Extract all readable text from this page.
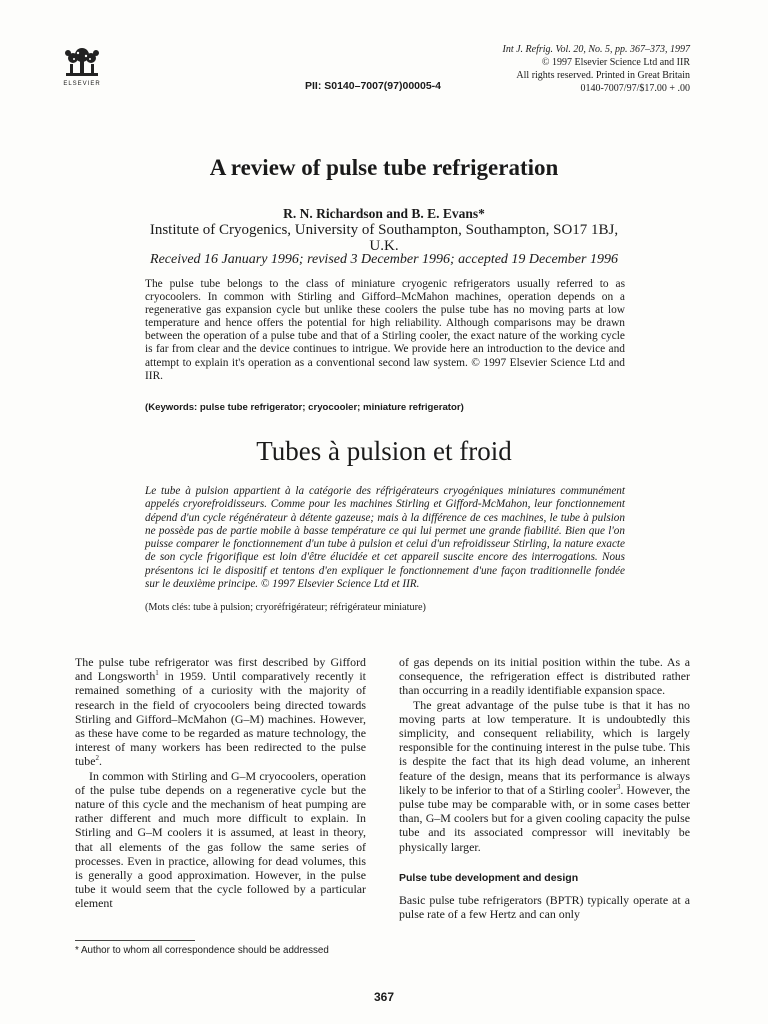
ELSEVIER
Int J. Refrig. Vol. 20, No. 5, pp. 367–373, 1997
© 1997 Elsevier Science Ltd and IIR
All rights reserved. Printed in Great Britain
0140-7007/97/$17.00 + .00
PII: S0140–7007(97)00005-4
A review of pulse tube refrigeration
R. N. Richardson and B. E. Evans*
Institute of Cryogenics, University of Southampton, Southampton, SO17 1BJ, U.K.
Received 16 January 1996; revised 3 December 1996; accepted 19 December 1996
The pulse tube belongs to the class of miniature cryogenic refrigerators usually referred to as cryocoolers. In common with Stirling and Gifford–McMahon machines, operation depends on a regenerative gas expansion cycle but unlike these coolers the pulse tube has no moving parts at low temperature and hence offers the potential for high reliability. Although comparisons may be drawn between the operation of a pulse tube and that of a Stirling cooler, the exact nature of the working cycle is far from clear and the device continues to intrigue. We provide here an introduction to the device and attempt to explain it's operation as a conventional second law system. © 1997 Elsevier Science Ltd and IIR.
(Keywords: pulse tube refrigerator; cryocooler; miniature refrigerator)
Tubes à pulsion et froid
Le tube à pulsion appartient à la catégorie des réfrigérateurs cryogéniques miniatures communément appelés cryorefroidisseurs. Comme pour les machines Stirling et Gifford-McMahon, leur fonctionnement dépend d'un cycle régénérateur à détente gazeuse; mais à la différence de ces machines, le tube à pulsion ne possède pas de partie mobile à basse température ce qui lui permet une grande fiabilité. Bien que l'on puisse comparer le fonctionnement d'un tube à pulsion et celui d'un refroidisseur Stirling, la nature exacte de son cycle frigorifique est loin d'être élucidée et cet appareil suscite encore des interrogations. Nous présentons ici le dispositif et tentons d'en expliquer le fonctionnement d'une façon traditionnelle fondée sur le deuxième principe. © 1997 Elsevier Science Ltd et IIR.
(Mots clés: tube à pulsion; cryoréfrigérateur; réfrigérateur miniature)

The pulse tube refrigerator was first described by Gifford and Longsworth$^1$ in 1959. Until comparatively recently it remained something of a curiosity with the majority of research in the field of cryocoolers being directed towards Stirling and Gifford–McMahon (G–M) machines. However, as these have come to be regarded as mature technology, the interest of many workers has been redirected to the pulse tube$^2$.

In common with Stirling and G–M cryocoolers, operation of the pulse tube depends on a regenerative cycle but the nature of this cycle and the mechanism of heat pumping are rather different and much more difficult to explain. In Stirling and G–M coolers it is assumed, at least in theory, that all elements of the gas follow the same series of processes. Even in practice, allowing for dead volumes, this is generally a good approximation. However, in the pulse tube it would seem that the cycle followed by a particular element

of gas depends on its initial position within the tube. As a consequence, the refrigeration effect is distributed rather than occurring in a readily identifiable expansion space.

The great advantage of the pulse tube is that it has no moving parts at low temperature. It is undoubtedly this simplicity, and consequent reliability, which is largely responsible for the continuing interest in the pulse tube. This is despite the fact that its high dead volume, an inherent feature of the design, means that its performance is always likely to be inferior to that of a Stirling cooler$^3$. However, the pulse tube may be comparable with, or in some cases better than, G–M coolers but for a given cooling capacity the pulse tube and its associated compressor will inevitably be physically larger.

Pulse tube development and design

Basic pulse tube refrigerators (BPTR) typically operate at a pulse rate of a few Hertz and can only

* Author to whom all correspondence should be addressed
367
